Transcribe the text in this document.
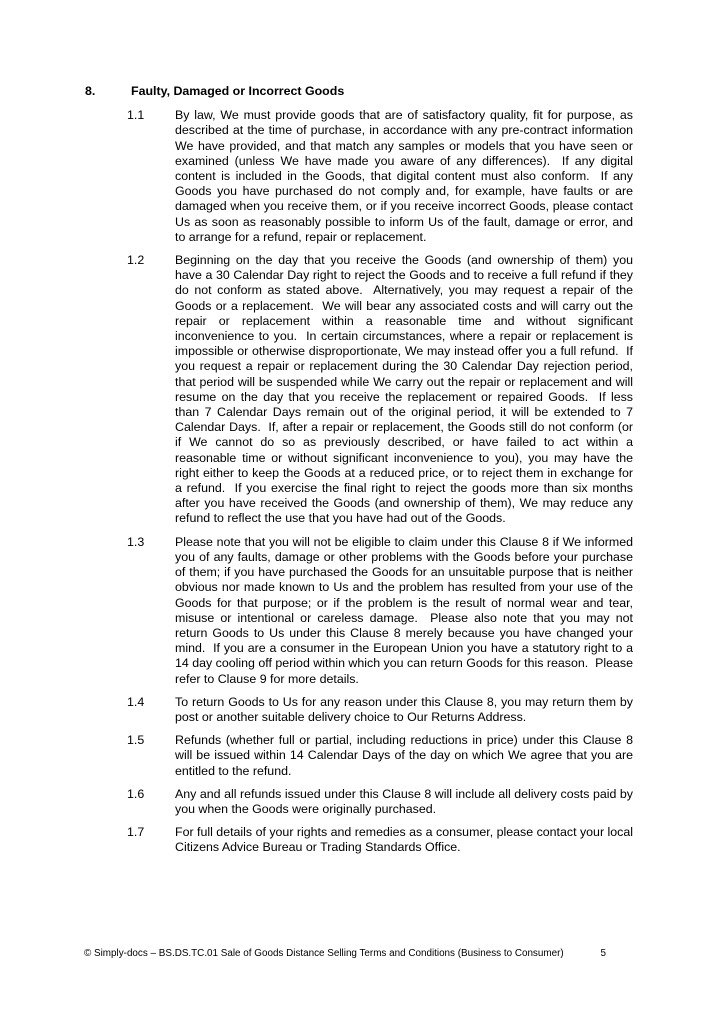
8.	Faulty, Damaged or Incorrect Goods
1.1	By law, We must provide goods that are of satisfactory quality, fit for purpose, as described at the time of purchase, in accordance with any pre-contract information We have provided, and that match any samples or models that you have seen or examined (unless We have made you aware of any differences).  If any digital content is included in the Goods, that digital content must also conform.  If any Goods you have purchased do not comply and, for example, have faults or are damaged when you receive them, or if you receive incorrect Goods, please contact Us as soon as reasonably possible to inform Us of the fault, damage or error, and to arrange for a refund, repair or replacement.
1.2	Beginning on the day that you receive the Goods (and ownership of them) you have a 30 Calendar Day right to reject the Goods and to receive a full refund if they do not conform as stated above.  Alternatively, you may request a repair of the Goods or a replacement.  We will bear any associated costs and will carry out the repair or replacement within a reasonable time and without significant inconvenience to you.  In certain circumstances, where a repair or replacement is impossible or otherwise disproportionate, We may instead offer you a full refund.  If you request a repair or replacement during the 30 Calendar Day rejection period, that period will be suspended while We carry out the repair or replacement and will resume on the day that you receive the replacement or repaired Goods.  If less than 7 Calendar Days remain out of the original period, it will be extended to 7 Calendar Days.  If, after a repair or replacement, the Goods still do not conform (or if We cannot do so as previously described, or have failed to act within a reasonable time or without significant inconvenience to you), you may have the right either to keep the Goods at a reduced price, or to reject them in exchange for a refund.  If you exercise the final right to reject the goods more than six months after you have received the Goods (and ownership of them), We may reduce any refund to reflect the use that you have had out of the Goods.
1.3	Please note that you will not be eligible to claim under this Clause 8 if We informed you of any faults, damage or other problems with the Goods before your purchase of them; if you have purchased the Goods for an unsuitable purpose that is neither obvious nor made known to Us and the problem has resulted from your use of the Goods for that purpose; or if the problem is the result of normal wear and tear, misuse or intentional or careless damage.  Please also note that you may not return Goods to Us under this Clause 8 merely because you have changed your mind.  If you are a consumer in the European Union you have a statutory right to a 14 day cooling off period within which you can return Goods for this reason.  Please refer to Clause 9 for more details.
1.4	To return Goods to Us for any reason under this Clause 8, you may return them by post or another suitable delivery choice to Our Returns Address.
1.5	Refunds (whether full or partial, including reductions in price) under this Clause 8 will be issued within 14 Calendar Days of the day on which We agree that you are entitled to the refund.
1.6	Any and all refunds issued under this Clause 8 will include all delivery costs paid by you when the Goods were originally purchased.
1.7	For full details of your rights and remedies as a consumer, please contact your local Citizens Advice Bureau or Trading Standards Office.
© Simply-docs – BS.DS.TC.01 Sale of Goods Distance Selling Terms and Conditions (Business to Consumer)	5
